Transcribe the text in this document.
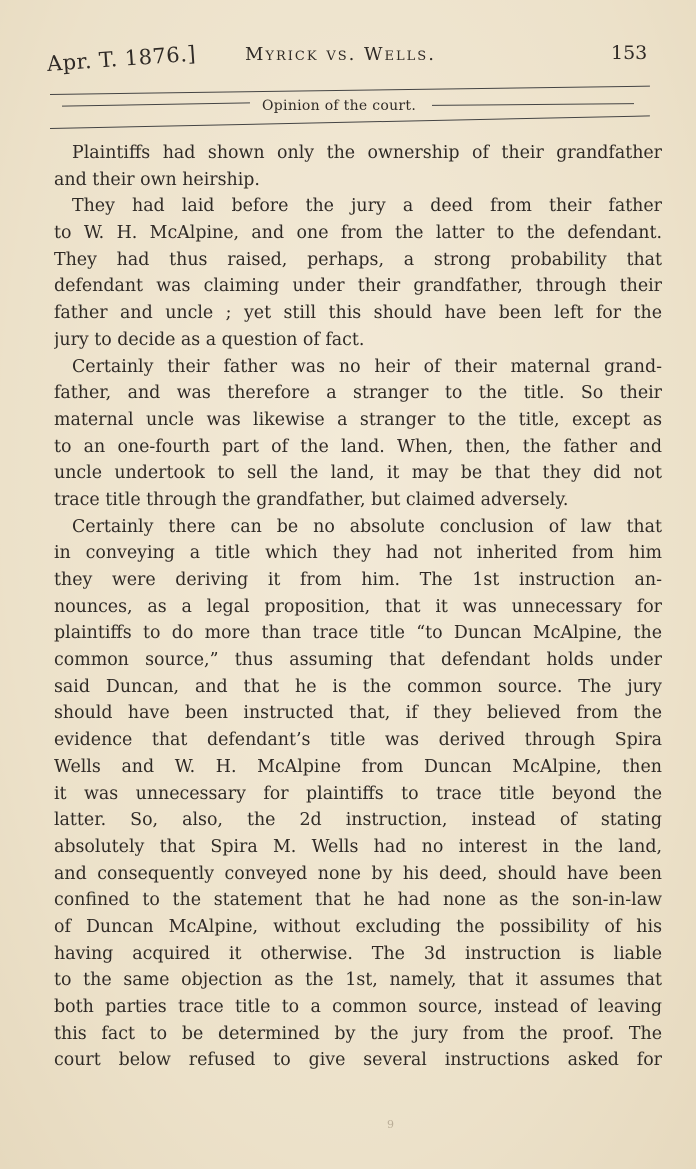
Apr. T. 1876.]	Myrick vs. Wells.	153
Opinion of the court.
Plaintiffs had shown only the ownership of their grandfather
and their own heirship.
They had laid before the jury a deed from their father
to W. H. McAlpine, and one from the latter to the defendant.
They had thus raised, perhaps, a strong probability that
defendant was claiming under their grandfather, through their
father and uncle ; yet still this should have been left for the
jury to decide as a question of fact.
Certainly their father was no heir of their maternal grand-
father, and was therefore a stranger to the title. So their
maternal uncle was likewise a stranger to the title, except as
to an one-fourth part of the land. When, then, the father and
uncle undertook to sell the land, it may be that they did not
trace title through the grandfather, but claimed adversely.
Certainly there can be no absolute conclusion of law that
in conveying a title which they had not inherited from him
they were deriving it from him. The 1st instruction an-
nounces, as a legal proposition, that it was unnecessary for
plaintiffs to do more than trace title “to Duncan McAlpine, the
common source,” thus assuming that defendant holds under
said Duncan, and that he is the common source. The jury
should have been instructed that, if they believed from the
evidence that defendant’s title was derived through Spira
Wells and W. H. McAlpine from Duncan McAlpine, then
it was unnecessary for plaintiffs to trace title beyond the
latter. So, also, the 2d instruction, instead of stating
absolutely that Spira M. Wells had no interest in the land,
and consequently conveyed none by his deed, should have been
confined to the statement that he had none as the son-in-law
of Duncan McAlpine, without excluding the possibility of his
having acquired it otherwise. The 3d instruction is liable
to the same objection as the 1st, namely, that it assumes that
both parties trace title to a common source, instead of leaving
this fact to be determined by the jury from the proof. The
court below refused to give several instructions asked for
9
